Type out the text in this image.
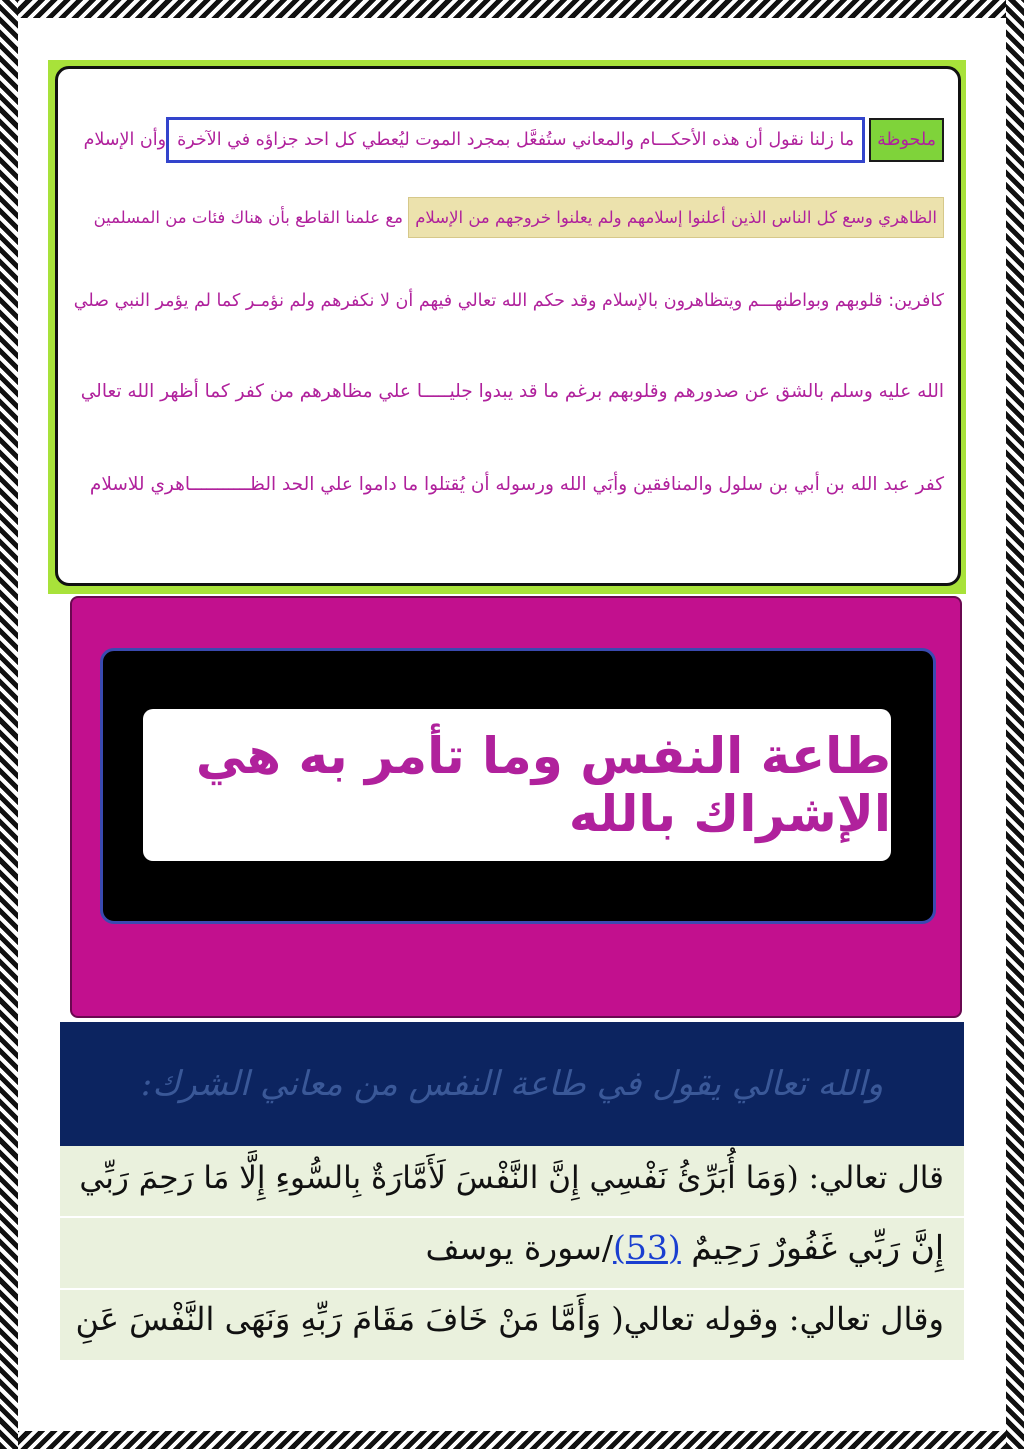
ملحوظةما زلنا نقول أن هذه الأحكـــام والمعاني ستُفعَّل بمجرد الموت ليُعطي كل احد جزاؤه في الآخرةوأن الإسلام
الظاهري وسع كل الناس الذين أعلنوا إسلامهم ولم يعلنوا خروجهم من الإسلام مع علمنا القاطع بأن هناك فئات من المسلمين
كافرين: قلوبهم وبواطنهـــم ويتظاهرون بالإسلام وقد حكم الله تعالي فيهم أن لا نكفرهم ولم نؤمـر كما لم يؤمر النبي صلي
الله عليه وسلم بالشق عن صدورهم وقلوبهم برغم ما قد يبدوا جليـــــا علي مظاهرهم من كفر كما أظهر الله تعالي
كفر عبد الله بن أبي بن سلول والمنافقين وأبَي الله ورسوله أن يُقتلوا ما داموا علي الحد الظـــــــــــاهري للاسلام
طاعة النفس وما تأمر به هي الإشراك بالله
والله تعالي يقول في طاعة النفس من معاني الشرك:
قال تعالي: (وَمَا أُبَرِّئُ نَفْسِي إِنَّ النَّفْسَ لَأَمَّارَةٌ بِالسُّوءِ إِلَّا مَا رَحِمَ رَبِّي
إِنَّ رَبِّي غَفُورٌ رَحِيمٌ (53)/سورة يوسف
وقال تعالي: وقوله تعالي( وَأَمَّا مَنْ خَافَ مَقَامَ رَبِّهِ وَنَهَى النَّفْسَ عَنِ
